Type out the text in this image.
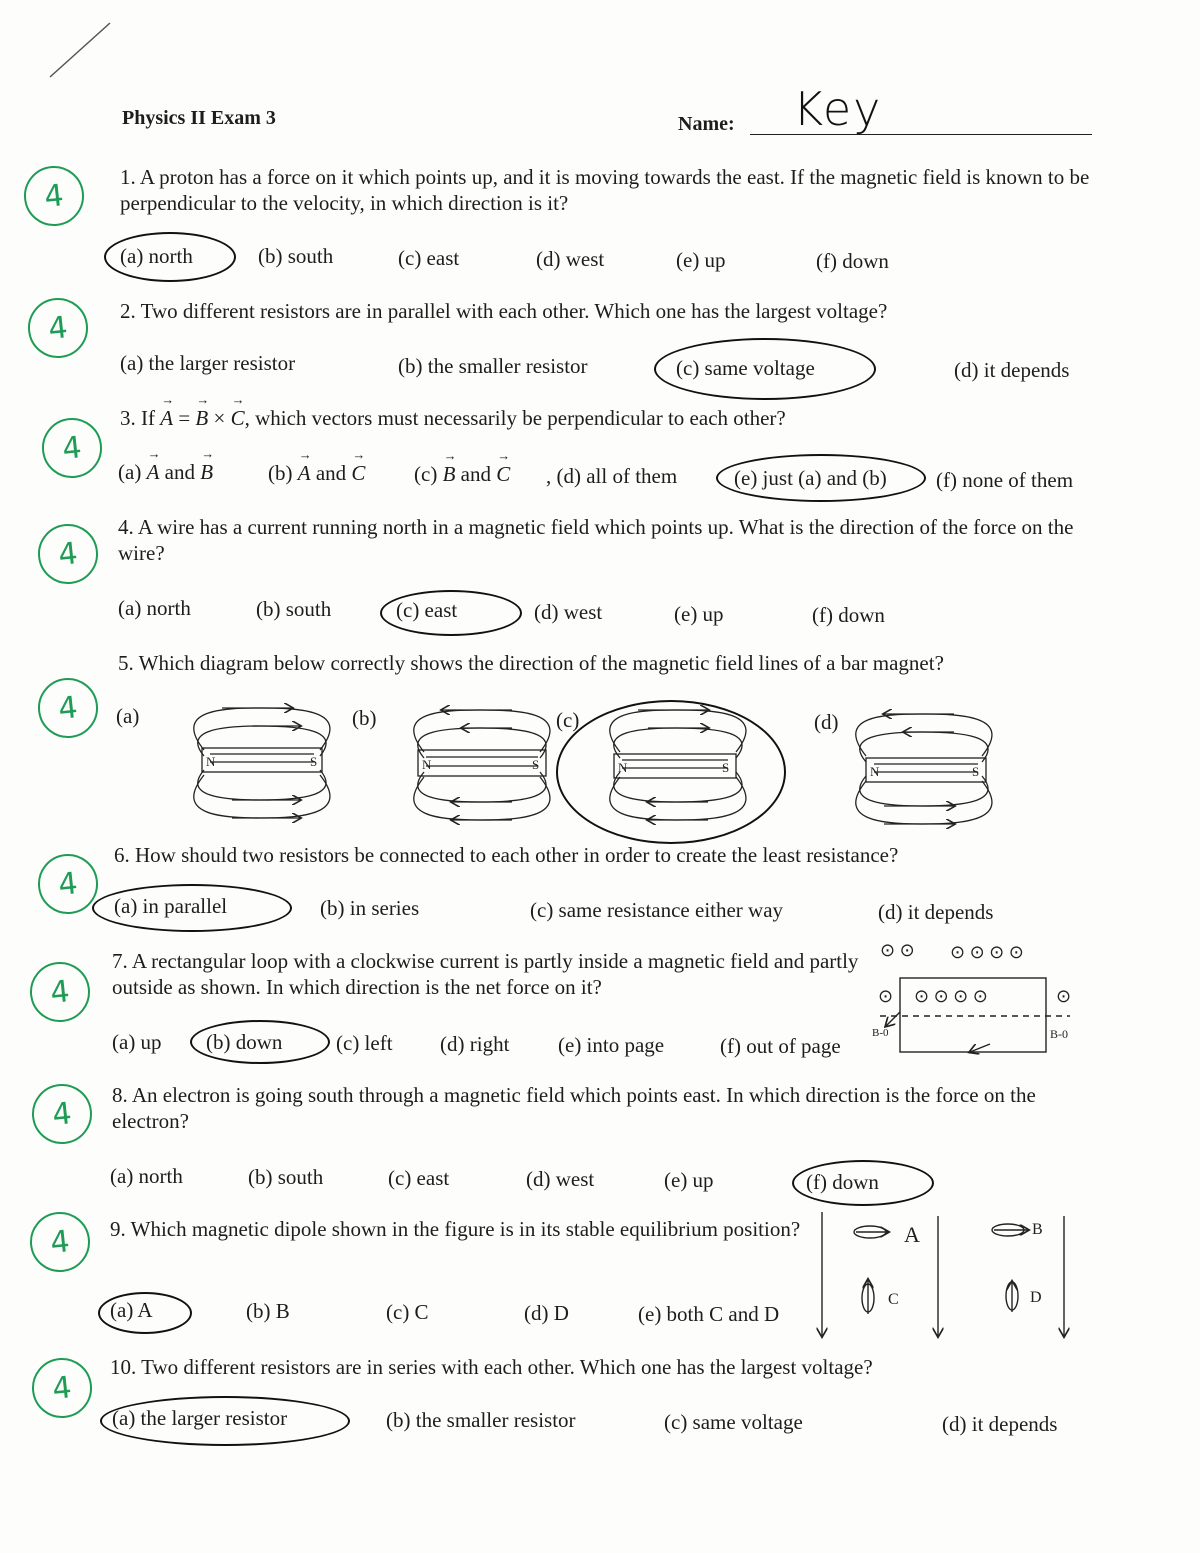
Physics II Exam 3	Name: Key
4
4
4
4
4
4
4
4
4
4
1. A proton has a force on it which points up, and it is moving towards the east. If the magnetic field is known to be perpendicular to the velocity, in which direction is it?
(a) north	(b) south	(c) east	(d) west	(e) up	(f) down
2. Two different resistors are in parallel with each other. Which one has the largest voltage?
(a) the larger resistor	(b) the smaller resistor	(c) same voltage	(d) it depends
3. If → A = → B × → C, which vectors must necessarily be perpendicular to each other?
(a) → A and → B	(b) → A and → C (c) → B and → C , (d) all of them	(e) just (a) and (b) (f) none of them
4. A wire has a current running north in a magnetic field which points up. What is the direction of the force on the wire?
(a) north	(b) south	(c) east	(d) west	(e) up	(f) down
5. Which diagram below correctly shows the direction of the magnetic field lines of a bar magnet?
(a)	(b)	(c)	(d)
N	S	N	S	N	S	N	S
⊙ ⊙ ⊙ ⊙ ⊙ ⊙
⊙ ⊙ ⊙ ⊙ ⊙	⊙
B-0	B-0
A	B
C	D
6. How should two resistors be connected to each other in order to create the least resistance?
(a) in parallel	(b) in series	(c) same resistance either way	(d) it depends
7. A rectangular loop with a clockwise current is partly inside a magnetic field and partly outside as shown. In which direction is the net force on it?
(a) up (b) down	(c) left (d) right (e) into page	(f) out of page
8. An electron is going south through a magnetic field which points east. In which direction is the force on the electron?
(a) north	(b) south	(c) east	(d) west	(e) up	(f) down
9. Which magnetic dipole shown in the figure is in its stable equilibrium position?
(a) A	(b) B	(c) C	(d) D	(e) both C and D
10. Two different resistors are in series with each other. Which one has the largest voltage?
(a) the larger resistor	(b) the smaller resistor	(c) same voltage	(d) it depends
